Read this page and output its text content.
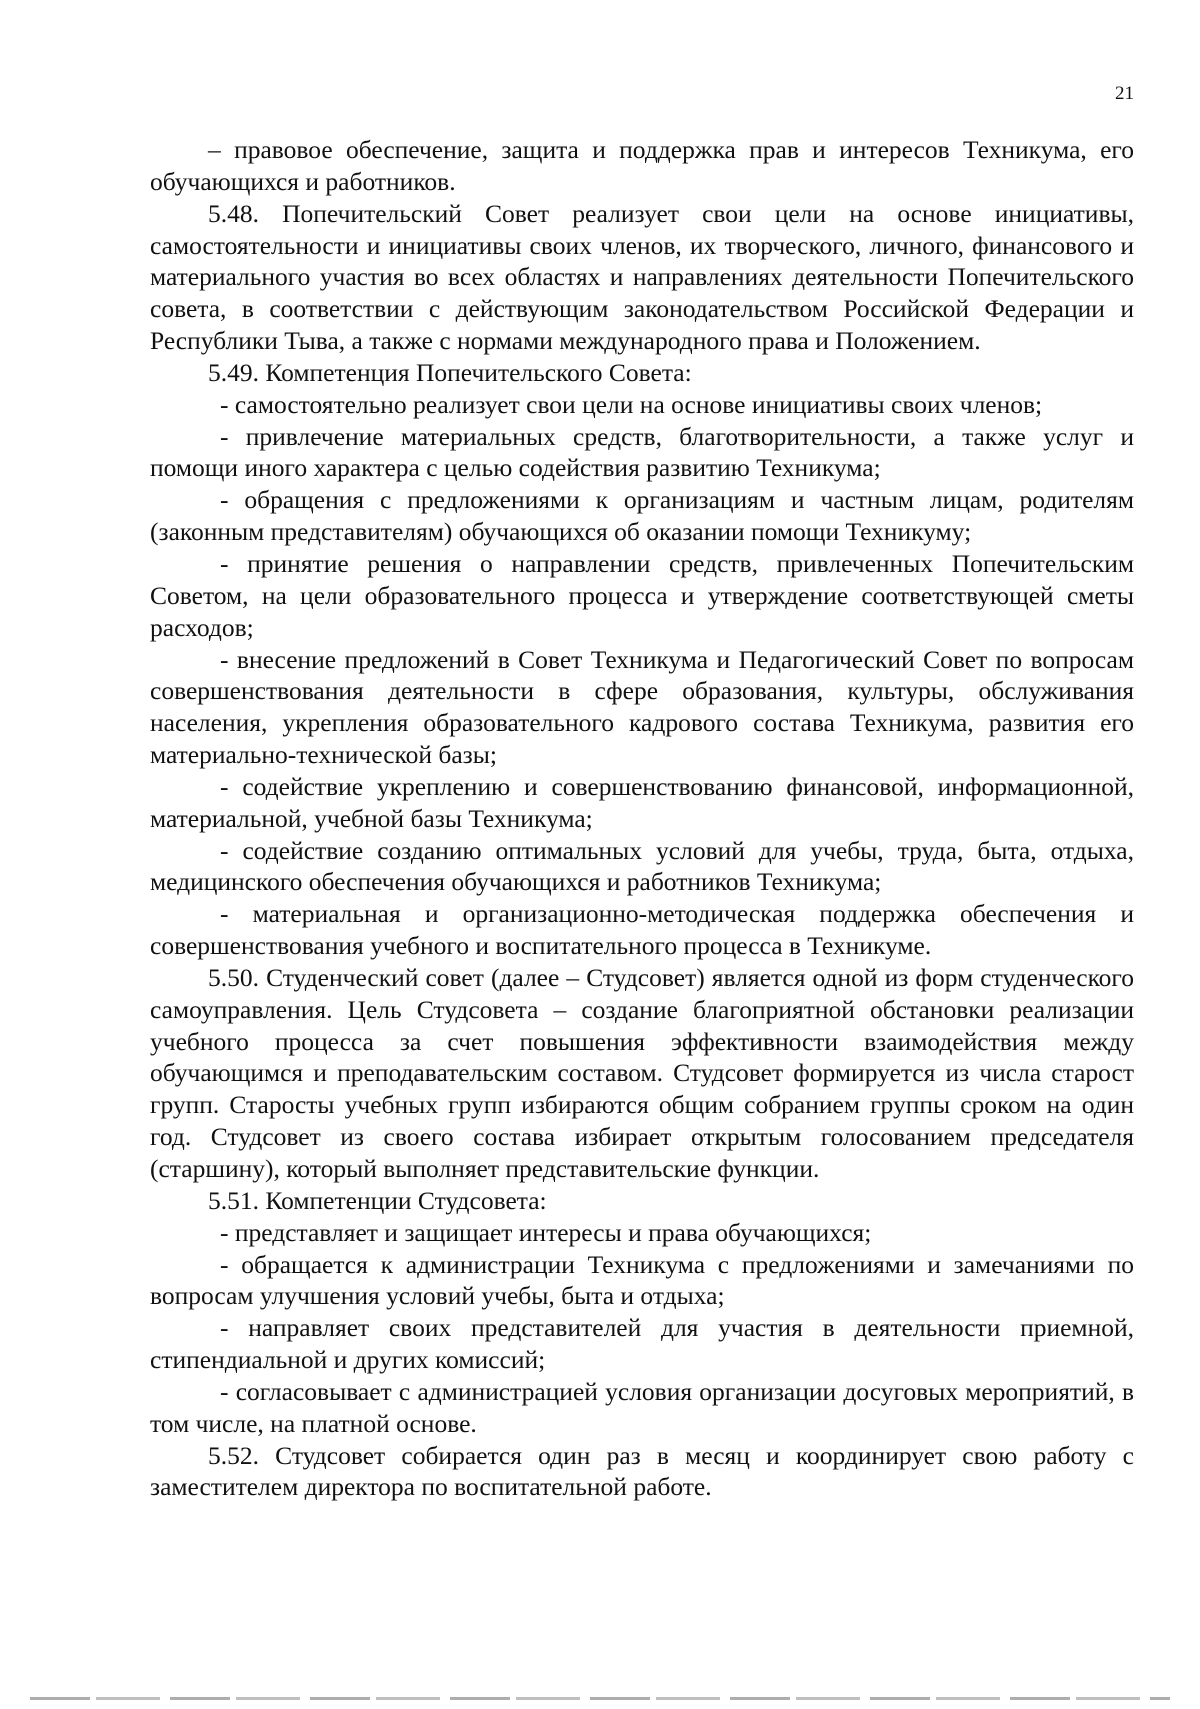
21

– правовое обеспечение, защита и поддержка прав и интересов Техникума, его обучающихся и работников.

5.48. Попечительский Совет реализует свои цели на основе инициативы, самостоятельности и инициативы своих членов, их творческого, личного, финансового и материального участия во всех областях и направлениях деятельности Попечительского совета, в соответствии с действующим законодательством Российской Федерации и Республики Тыва, а также с нормами международного права и Положением.

5.49. Компетенция Попечительского Совета:

- самостоятельно реализует свои цели на основе инициативы своих членов;

- привлечение материальных средств, благотворительности, а также услуг и помощи иного характера с целью содействия развитию Техникума;

- обращения с предложениями к организациям и частным лицам, родителям (законным представителям) обучающихся об оказании помощи Техникуму;

- принятие решения о направлении средств, привлеченных Попечительским Советом, на цели образовательного процесса и утверждение соответствующей сметы расходов;

- внесение предложений в Совет Техникума и Педагогический Совет по вопросам совершенствования деятельности в сфере образования, культуры, обслуживания населения, укрепления образовательного кадрового состава Техникума, развития его материально-технической базы;

- содействие укреплению и совершенствованию финансовой, информационной, материальной, учебной базы Техникума;

- содействие созданию оптимальных условий для учебы, труда, быта, отдыха, медицинского обеспечения обучающихся и работников Техникума;

- материальная и организационно-методическая поддержка обеспечения и совершенствования учебного и воспитательного процесса в Техникуме.

5.50. Студенческий совет (далее – Студсовет) является одной из форм студенческого самоуправления. Цель Студсовета – создание благоприятной обстановки реализации учебного процесса за счет повышения эффективности взаимодействия между обучающимся и преподавательским составом. Студсовет формируется из числа старост групп. Старосты учебных групп избираются общим собранием группы сроком на один год. Студсовет из своего состава избирает открытым голосованием председателя (старшину), который выполняет представительские функции.

5.51. Компетенции Студсовета:

- представляет и защищает интересы и права обучающихся;

- обращается к администрации Техникума с предложениями и замечаниями по вопросам улучшения условий учебы, быта и отдыха;

- направляет своих представителей для участия в деятельности приемной, стипендиальной и других комиссий;

- согласовывает с администрацией условия организации досуговых мероприятий, в том числе, на платной основе.

5.52. Студсовет собирается один раз в месяц и координирует свою работу с заместителем директора по воспитательной работе.
